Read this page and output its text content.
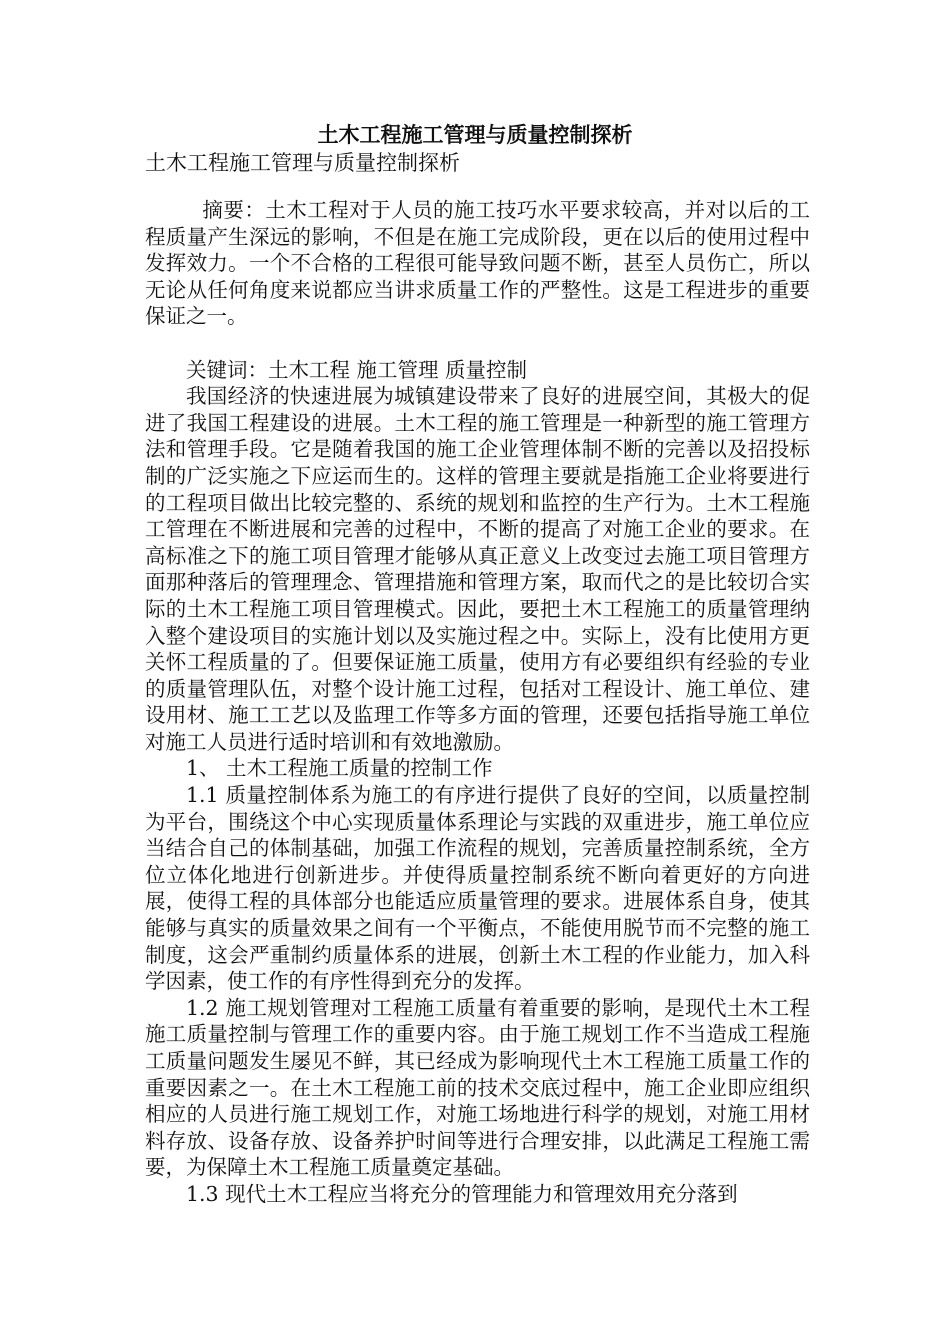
土木工程施工管理与质量控制探析
土木工程施工管理与质量控制探析

摘要：土木工程对于人员的施工技巧水平要求较高，并对以后的工程质量产生深远的影响，不但是在施工完成阶段，更在以后的使用过程中发挥效力。一个不合格的工程很可能导致问题不断，甚至人员伤亡，所以无论从任何角度来说都应当讲求质量工作的严整性。这是工程进步的重要保证之一。

关键词：土木工程 施工管理 质量控制

我国经济的快速进展为城镇建设带来了良好的进展空间，其极大的促进了我国工程建设的进展。土木工程的施工管理是一种新型的施工管理方法和管理手段。它是随着我国的施工企业管理体制不断的完善以及招投标制的广泛实施之下应运而生的。这样的管理主要就是指施工企业将要进行的工程项目做出比较完整的、系统的规划和监控的生产行为。土木工程施工管理在不断进展和完善的过程中，不断的提高了对施工企业的要求。在高标准之下的施工项目管理才能够从真正意义上改变过去施工项目管理方面那种落后的管理理念、管理措施和管理方案，取而代之的是比较切合实际的土木工程施工项目管理模式。因此，要把土木工程施工的质量管理纳入整个建设项目的实施计划以及实施过程之中。实际上，没有比使用方更关怀工程质量的了。但要保证施工质量，使用方有必要组织有经验的专业的质量管理队伍，对整个设计施工过程，包括对工程设计、施工单位、建设用材、施工工艺以及监理工作等多方面的管理，还要包括指导施工单位对施工人员进行适时培训和有效地激励。

1、 土木工程施工质量的控制工作

1.1 质量控制体系为施工的有序进行提供了良好的空间，以质量控制为平台，围绕这个中心实现质量体系理论与实践的双重进步，施工单位应当结合自己的体制基础，加强工作流程的规划，完善质量控制系统，全方位立体化地进行创新进步。并使得质量控制系统不断向着更好的方向进展，使得工程的具体部分也能适应质量管理的要求。进展体系自身，使其能够与真实的质量效果之间有一个平衡点，不能使用脱节而不完整的施工制度，这会严重制约质量体系的进展，创新土木工程的作业能力，加入科学因素，使工作的有序性得到充分的发挥。

1.2 施工规划管理对工程施工质量有着重要的影响，是现代土木工程施工质量控制与管理工作的重要内容。由于施工规划工作不当造成工程施工质量问题发生屡见不鲜，其已经成为影响现代土木工程施工质量工作的重要因素之一。在土木工程施工前的技术交底过程中，施工企业即应组织相应的人员进行施工规划工作，对施工场地进行科学的规划，对施工用材料存放、设备存放、设备养护时间等进行合理安排，以此满足工程施工需要，为保障土木工程施工质量奠定基础。

1.3 现代土木工程应当将充分的管理能力和管理效用充分落到
